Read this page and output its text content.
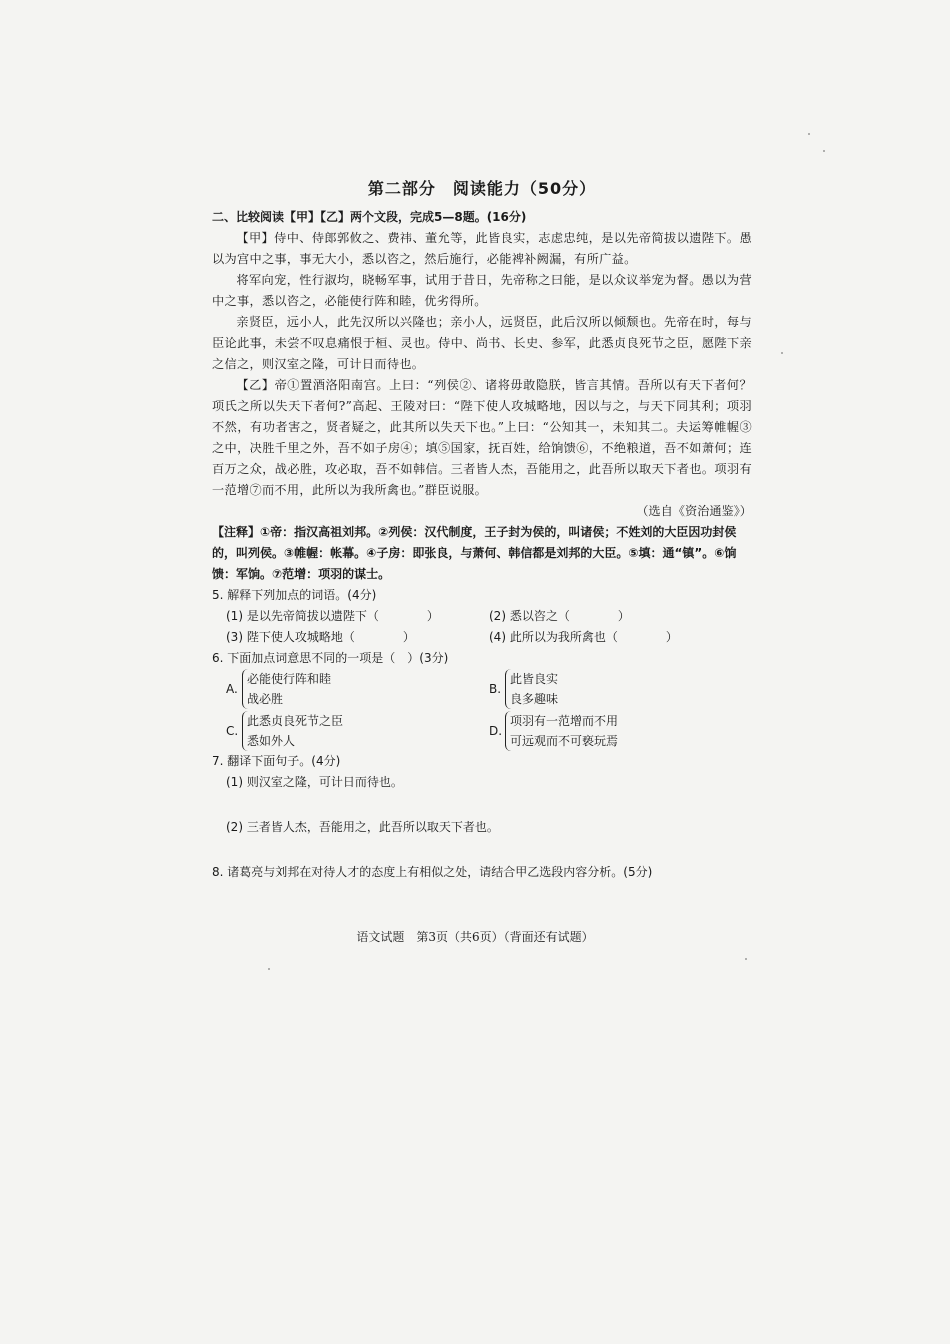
第二部分　阅读能力（50分）
二、比较阅读【甲】【乙】两个文段，完成5—8题。(16分)

【甲】侍中、侍郎郭攸之、费祎、董允等，此皆良实，志虑忠纯，是以先帝简拔以遗陛下。愚以为宫中之事，事无大小，悉以咨之，然后施行，必能裨补阙漏，有所广益。

将军向宠，性行淑均，晓畅军事，试用于昔日，先帝称之曰能，是以众议举宠为督。愚以为营中之事，悉以咨之，必能使行阵和睦，优劣得所。

亲贤臣，远小人，此先汉所以兴隆也；亲小人，远贤臣，此后汉所以倾颓也。先帝在时，每与臣论此事，未尝不叹息痛恨于桓、灵也。侍中、尚书、长史、参军，此悉贞良死节之臣，愿陛下亲之信之，则汉室之隆，可计日而待也。

【乙】帝①置酒洛阳南宫。上曰：“列侯②、诸将毋敢隐朕，皆言其情。吾所以有天下者何？项氏之所以失天下者何?”高起、王陵对曰：“陛下使人攻城略地，因以与之，与天下同其利；项羽不然，有功者害之，贤者疑之，此其所以失天下也。”上曰：“公知其一，未知其二。夫运筹帷幄③之中，决胜千里之外，吾不如子房④；填⑤国家，抚百姓，给饷馈⑥，不绝粮道，吾不如萧何；连百万之众，战必胜，攻必取，吾不如韩信。三者皆人杰，吾能用之，此吾所以取天下者也。项羽有一范增⑦而不用，此所以为我所禽也。”群臣说服。

（选自《资治通鉴》）

【注释】①帝：指汉高祖刘邦。②列侯：汉代制度，王子封为侯的，叫诸侯；不姓刘的大臣因功封侯的，叫列侯。③帷幄：帐幕。④子房：即张良，与萧何、韩信都是刘邦的大臣。⑤填：通“镇”。⑥饷馈：军饷。⑦范增：项羽的谋士。

5. 解释下列加点的词语。(4分)
(1) 是以先帝简拔以遗陛下（　　　　）	(2) 悉以咨之（　　　　）
(3) 陛下使人攻城略地（　　　　）	(4) 此所以为我所禽也（　　　　）
6. 下面加点词意思不同的一项是（　）(3分)
A.
必能使行阵和睦
战必胜
B.
此皆良实
良多趣味
C.
此悉贞良死节之臣
悉如外人
D.
项羽有一范增而不用
可远观而不可亵玩焉
7. 翻译下面句子。(4分)

(1) 则汉室之隆，可计日而待也。

(2) 三者皆人杰，吾能用之，此吾所以取天下者也。

8. 诸葛亮与刘邦在对待人才的态度上有相似之处，请结合甲乙选段内容分析。(5分)
语文试题　第3页（共6页）（背面还有试题）
